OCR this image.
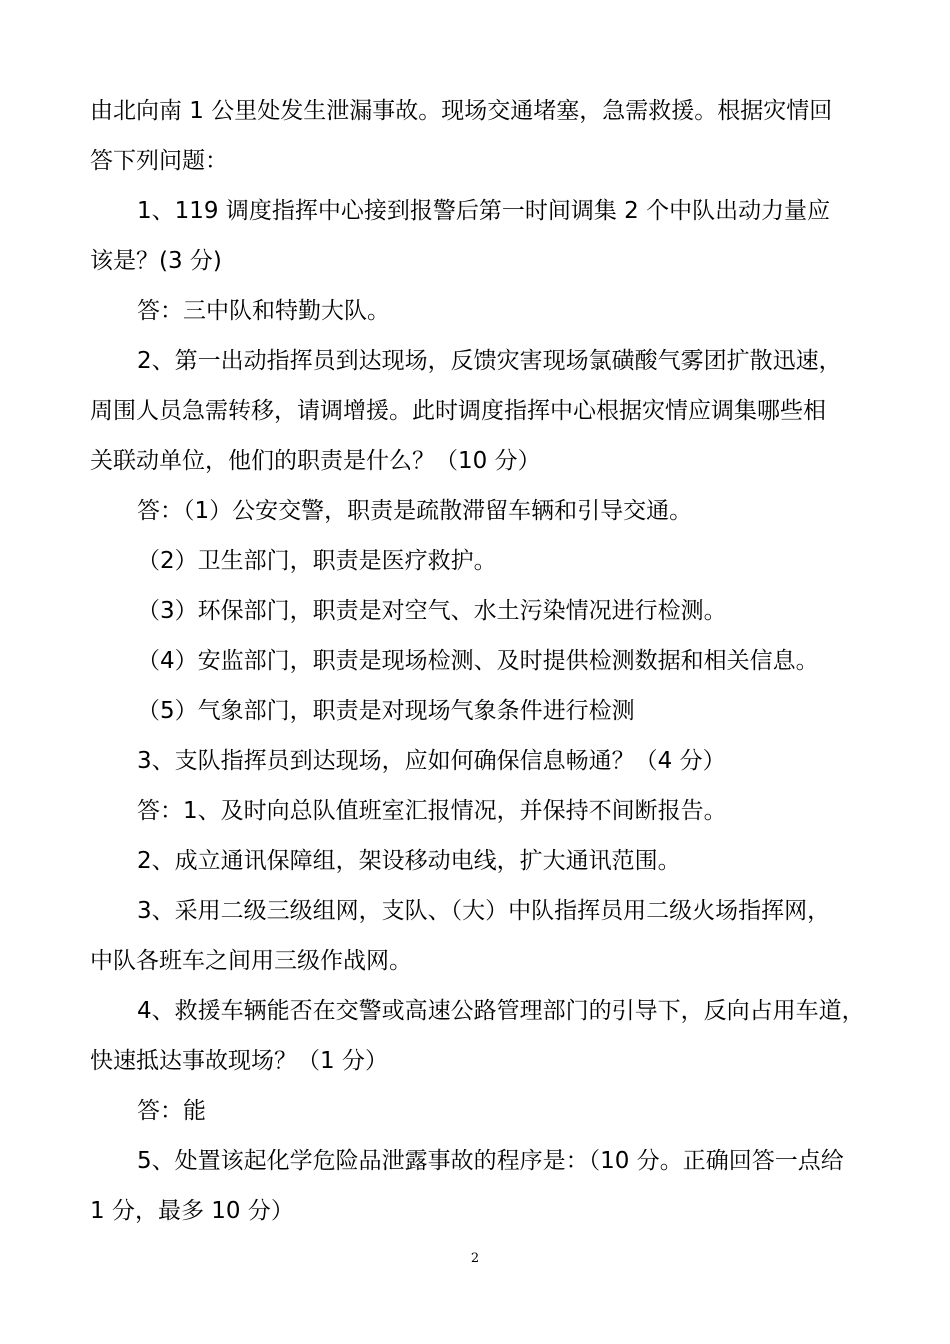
由北向南 1 公里处发生泄漏事故。现场交通堵塞，急需救援。根据灾情回
答下列问题：
1、119 调度指挥中心接到报警后第一时间调集 2 个中队出动力量应
该是？(3 分)
答：三中队和特勤大队。
2、第一出动指挥员到达现场，反馈灾害现场氯磺酸气雾团扩散迅速，
周围人员急需转移，请调增援。此时调度指挥中心根据灾情应调集哪些相
关联动单位，他们的职责是什么？（10 分）
答：（1）公安交警，职责是疏散滞留车辆和引导交通。
（2）卫生部门，职责是医疗救护。
（3）环保部门，职责是对空气、水土污染情况进行检测。
（4）安监部门，职责是现场检测、及时提供检测数据和相关信息。
（5）气象部门，职责是对现场气象条件进行检测
3、支队指挥员到达现场，应如何确保信息畅通？（4 分）
答：1、及时向总队值班室汇报情况，并保持不间断报告。
2、成立通讯保障组，架设移动电线，扩大通讯范围。
3、采用二级三级组网，支队、（大）中队指挥员用二级火场指挥网，
中队各班车之间用三级作战网。
4、救援车辆能否在交警或高速公路管理部门的引导下，反向占用车道，
快速抵达事故现场？（1 分）
答：能
5、处置该起化学危险品泄露事故的程序是：（10 分。正确回答一点给
1 分，最多 10 分）
2
